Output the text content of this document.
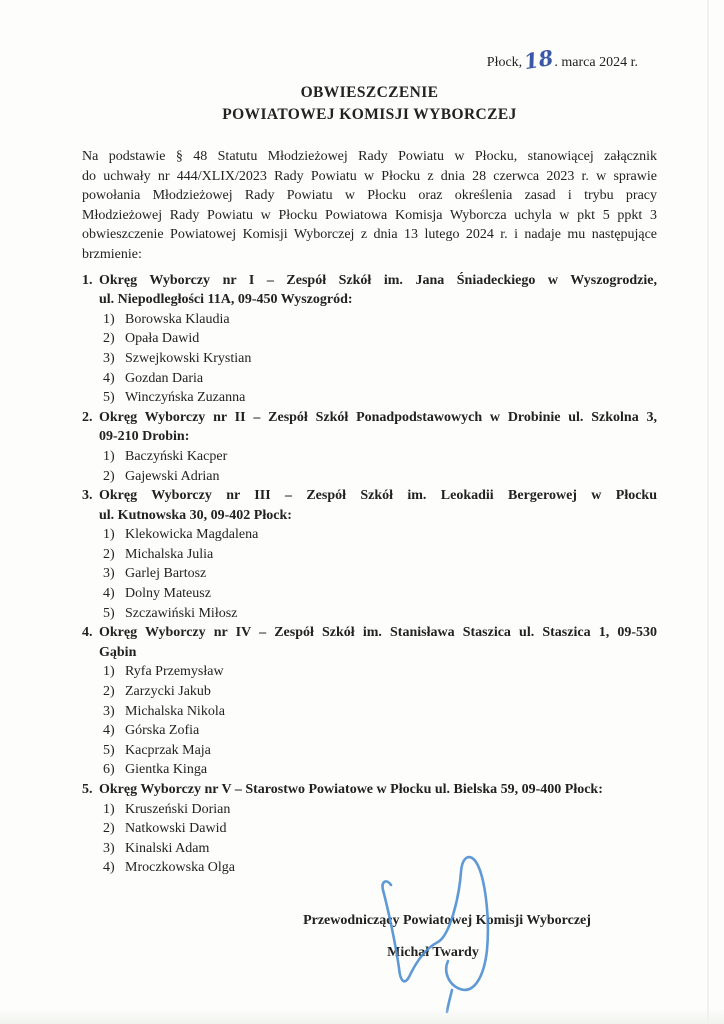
Płock,18. marca 2024 r.
OBWIESZCZENIE
POWIATOWEJ KOMISJI WYBORCZEJ
Na podstawie § 48 Statutu Młodzieżowej Rady Powiatu w Płocku, stanowiącej załącznik
do uchwały nr 444/XLIX/2023 Rady Powiatu w Płocku z dnia 28 czerwca 2023 r. w sprawie
powołania Młodzieżowej Rady Powiatu w Płocku oraz określenia zasad i trybu pracy
Młodzieżowej Rady Powiatu w Płocku Powiatowa Komisja Wyborcza uchyla w pkt 5 ppkt 3
obwieszczenie Powiatowej Komisji Wyborczej z dnia 13 lutego 2024 r. i nadaje mu następujące
brzmienie:
1. Okręg Wyborczy nr I – Zespół Szkół im. Jana Śniadeckiego w Wyszogrodzie,
ul. Niepodległości 11A, 09-450 Wyszogród:
1) Borowska Klaudia
2) Opała Dawid
3) Szwejkowski Krystian
4) Gozdan Daria
5) Winczyńska Zuzanna
2. Okręg Wyborczy nr II – Zespół Szkół Ponadpodstawowych w Drobinie ul. Szkolna 3,
09-210 Drobin:
1) Baczyński Kacper
2) Gajewski Adrian
3. Okręg Wyborczy nr III – Zespół Szkół im. Leokadii Bergerowej w Płocku
ul. Kutnowska 30, 09-402 Płock:
1) Klekowicka Magdalena
2) Michalska Julia
3) Garlej Bartosz
4) Dolny Mateusz
5) Szczawiński Miłosz
4. Okręg Wyborczy nr IV – Zespół Szkół im. Stanisława Staszica ul. Staszica 1, 09-530
Gąbin
1) Ryfa Przemysław
2) Zarzycki Jakub
3) Michalska Nikola
4) Górska Zofia
5) Kacprzak Maja
6) Gientka Kinga
5. Okręg Wyborczy nr V – Starostwo Powiatowe w Płocku ul. Bielska 59, 09-400 Płock:
1) Kruszeński Dorian
2) Natkowski Dawid
3) Kinalski Adam
4) Mroczkowska Olga
Przewodniczący Powiatowej Komisji Wyborczej
Michał Twardy
